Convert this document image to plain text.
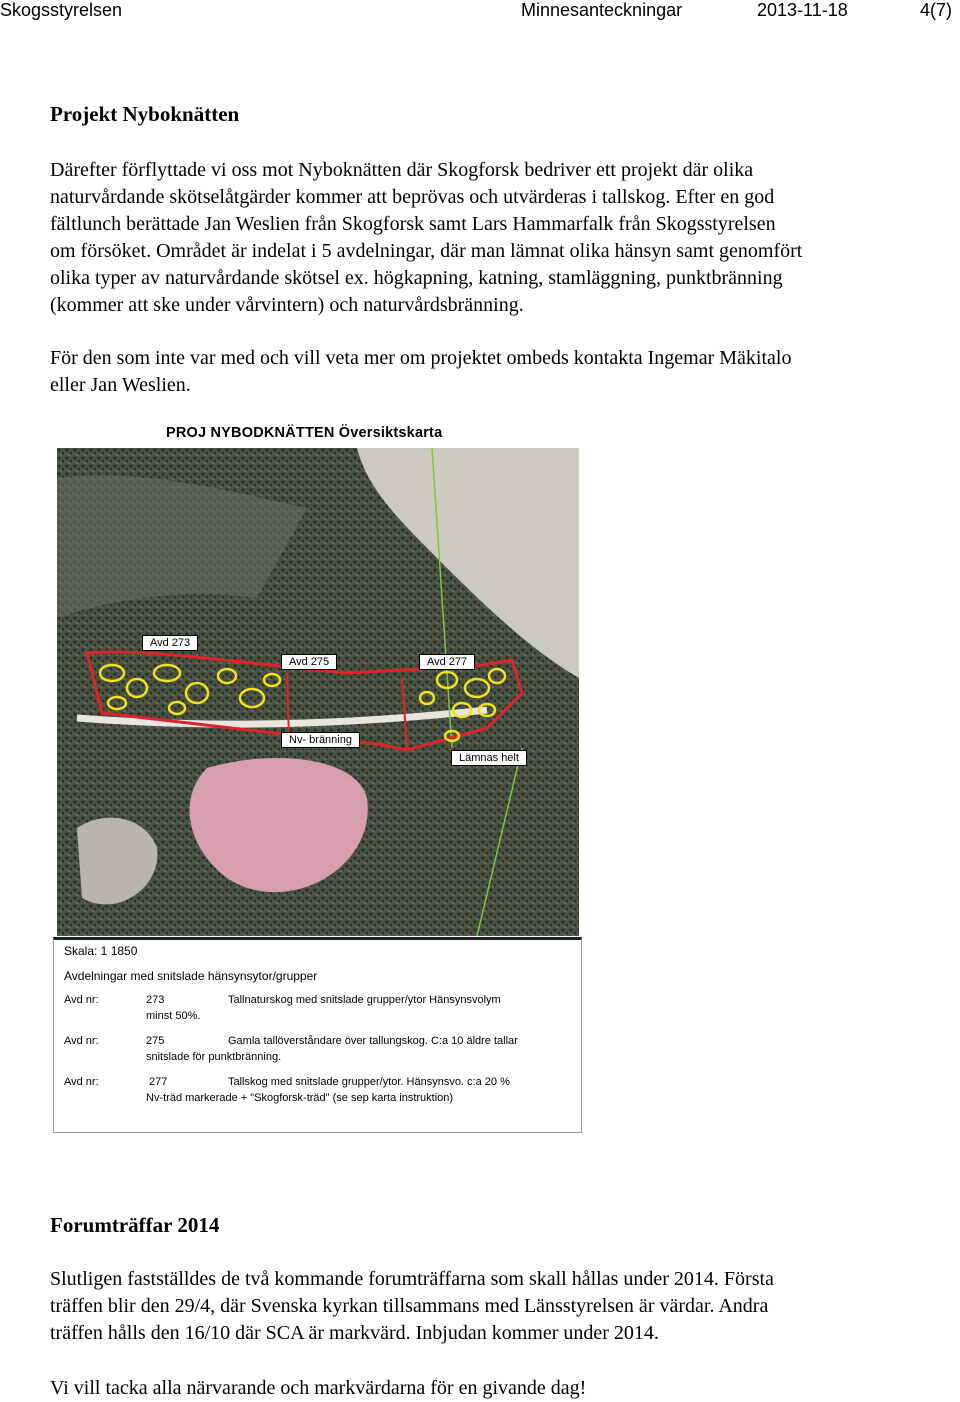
Skogsstyrelsen	Minnesanteckningar	2013-11-18	4(7)
Projekt Nyboknätten

Därefter förflyttade vi oss mot Nyboknätten där Skogforsk bedriver ett projekt där olika
naturvårdande skötselåtgärder kommer att beprövas och utvärderas i tallskog. Efter en god
fältlunch berättade Jan Weslien från Skogforsk samt Lars Hammarfalk från Skogsstyrelsen
om försöket. Området är indelat i 5 avdelningar, där man lämnat olika hänsyn samt genomfört
olika typer av naturvårdande skötsel ex. högkapning, katning, stamläggning, punktbränning
(kommer att ske under vårvintern) och naturvårdsbränning.

För den som inte var med och vill veta mer om projektet ombeds kontakta Ingemar Mäkitalo
eller Jan Weslien.

PROJ NYBODKNÄTTEN Översiktskarta
Avd 273
Avd 275	Avd 277
Nv- bränning
Lämnas helt
Skala: 1 1850
Avdelningar med snitslade hänsynsytor/grupper
Avd nr:	273	Tallnaturskog med snitslade grupper/ytor Hänsynsvolym
minst 50%.
Avd nr:	275	Gamla tallöverståndare över tallungskog. C:a 10 äldre tallar
snitslade för punktbränning.
Avd nr:	277	Tallskog med snitslade grupper/ytor. Hänsynsvo. c:a 20 %
Nv-träd markerade + "Skogforsk-träd" (se sep karta instruktion)
Forumträffar 2014

Slutligen fastställdes de två kommande forumträffarna som skall hållas under 2014. Första
träffen blir den 29/4, där Svenska kyrkan tillsammans med Länsstyrelsen är värdar. Andra
träffen hålls den 16/10 där SCA är markvärd. Inbjudan kommer under 2014.

Vi vill tacka alla närvarande och markvärdarna för en givande dag!
